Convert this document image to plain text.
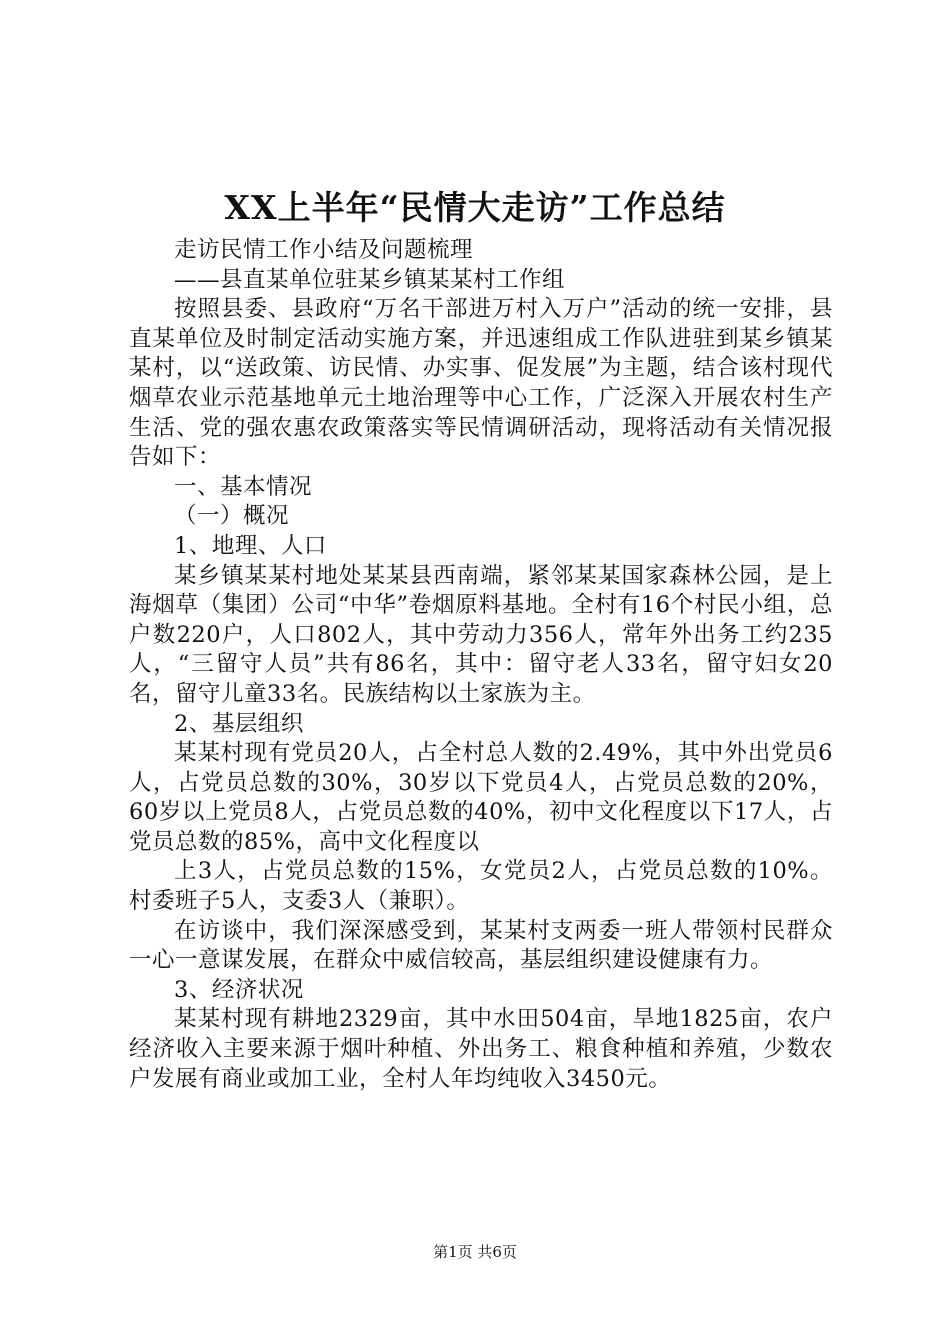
XX上半年“民情大走访”工作总结

走访民情工作小结及问题梳理

——县直某单位驻某乡镇某某村工作组

按照县委、县政府“万名干部进万村入万户”活动的统一安排，县直某单位及时制定活动实施方案，并迅速组成工作队进驻到某乡镇某某村，以“送政策、访民情、办实事、促发展”为主题，结合该村现代烟草农业示范基地单元土地治理等中心工作，广泛深入开展农村生产生活、党的强农惠农政策落实等民情调研活动，现将活动有关情况报告如下：

一、基本情况

（一）概况

1、地理、人口

某乡镇某某村地处某某县西南端，紧邻某某国家森林公园，是上海烟草（集团）公司“中华”卷烟原料基地。全村有16个村民小组，总户数220户，人口802人，其中劳动力356人，常年外出务工约235人，“三留守人员”共有86名，其中：留守老人33名，留守妇女20名，留守儿童33名。民族结构以土家族为主。

2、基层组织

某某村现有党员20人，占全村总人数的2.49%，其中外出党员6人，占党员总数的30%，30岁以下党员4人，占党员总数的20%，60岁以上党员8人，占党员总数的40%，初中文化程度以下17人，占党员总数的85%，高中文化程度以

上3人，占党员总数的15%，女党员2人，占党员总数的10%。村委班子5人，支委3人（兼职）。

在访谈中，我们深深感受到，某某村支两委一班人带领村民群众一心一意谋发展，在群众中威信较高，基层组织建设健康有力。

3、经济状况

某某村现有耕地2329亩，其中水田504亩，旱地1825亩，农户经济收入主要来源于烟叶种植、外出务工、粮食种植和养殖，少数农户发展有商业或加工业，全村人年均纯收入3450元。

第1页 共6页
